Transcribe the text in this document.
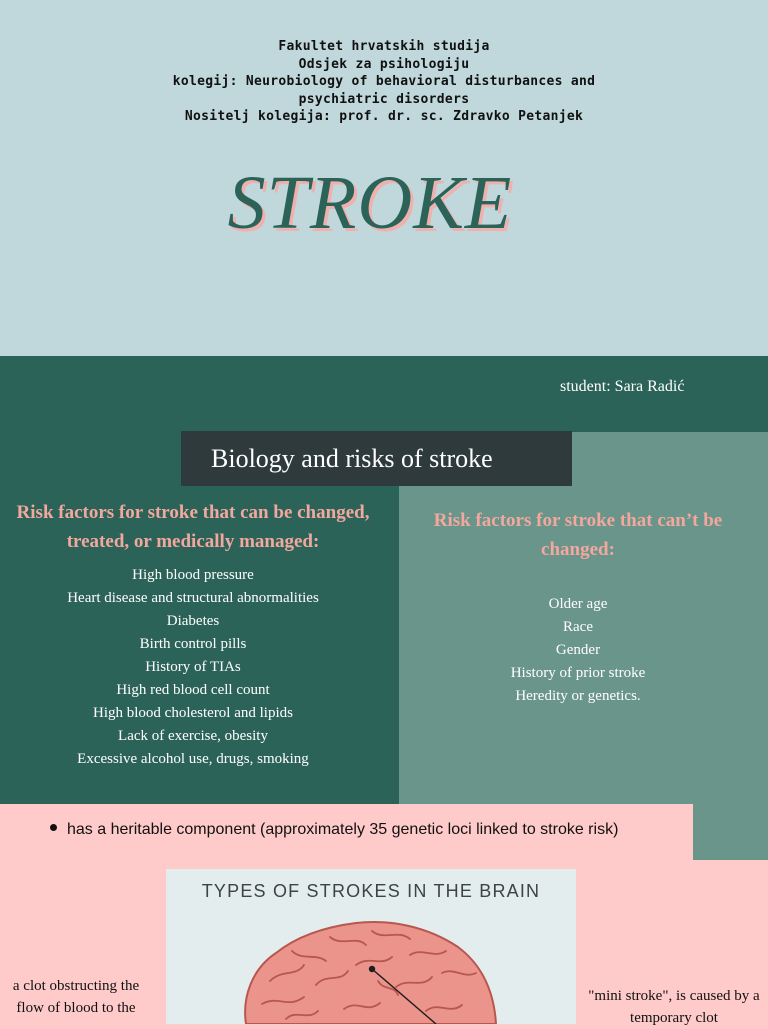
Fakultet hrvatskih studija
Odsjek za psihologiju
kolegij: Neurobiology of behavioral disturbances and
psychiatric disorders
Nositelj kolegija: prof. dr. sc. Zdravko Petanjek
STROKE
student: Sara Radić
Biology and risks of stroke
Risk factors for stroke that can be changed, treated, or medically managed:
High blood pressure
Heart disease and structural abnormalities
Diabetes
Birth control pills
History of TIAs
High red blood cell count
High blood cholesterol and lipids
Lack of exercise, obesity
Excessive alcohol use, drugs, smoking
Risk factors for stroke that can’t be changed:
Older age
Race
Gender
History of prior stroke
Heredity or genetics.
has a heritable component (approximately 35 genetic loci linked to stroke risk)
TYPES OF STROKES IN THE BRAIN
a clot obstructing the flow of blood to the
"mini stroke", is caused by a temporary clot
